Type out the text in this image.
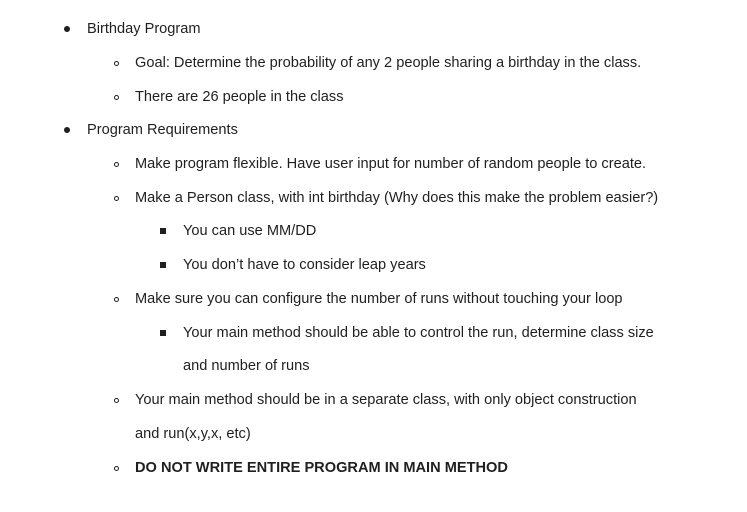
Birthday Program
Goal: Determine the probability of any 2 people sharing a birthday in the class.
There are 26 people in the class
Program Requirements
Make program flexible. Have user input for number of random people to create.
Make a Person class, with int birthday (Why does this make the problem easier?)
You can use MM/DD
You don’t have to consider leap years
Make sure you can configure the number of runs without touching your loop
Your main method should be able to control the run, determine class size
and number of runs
Your main method should be in a separate class, with only object construction
and run(x,y,x, etc)
DO NOT WRITE ENTIRE PROGRAM IN MAIN METHOD
